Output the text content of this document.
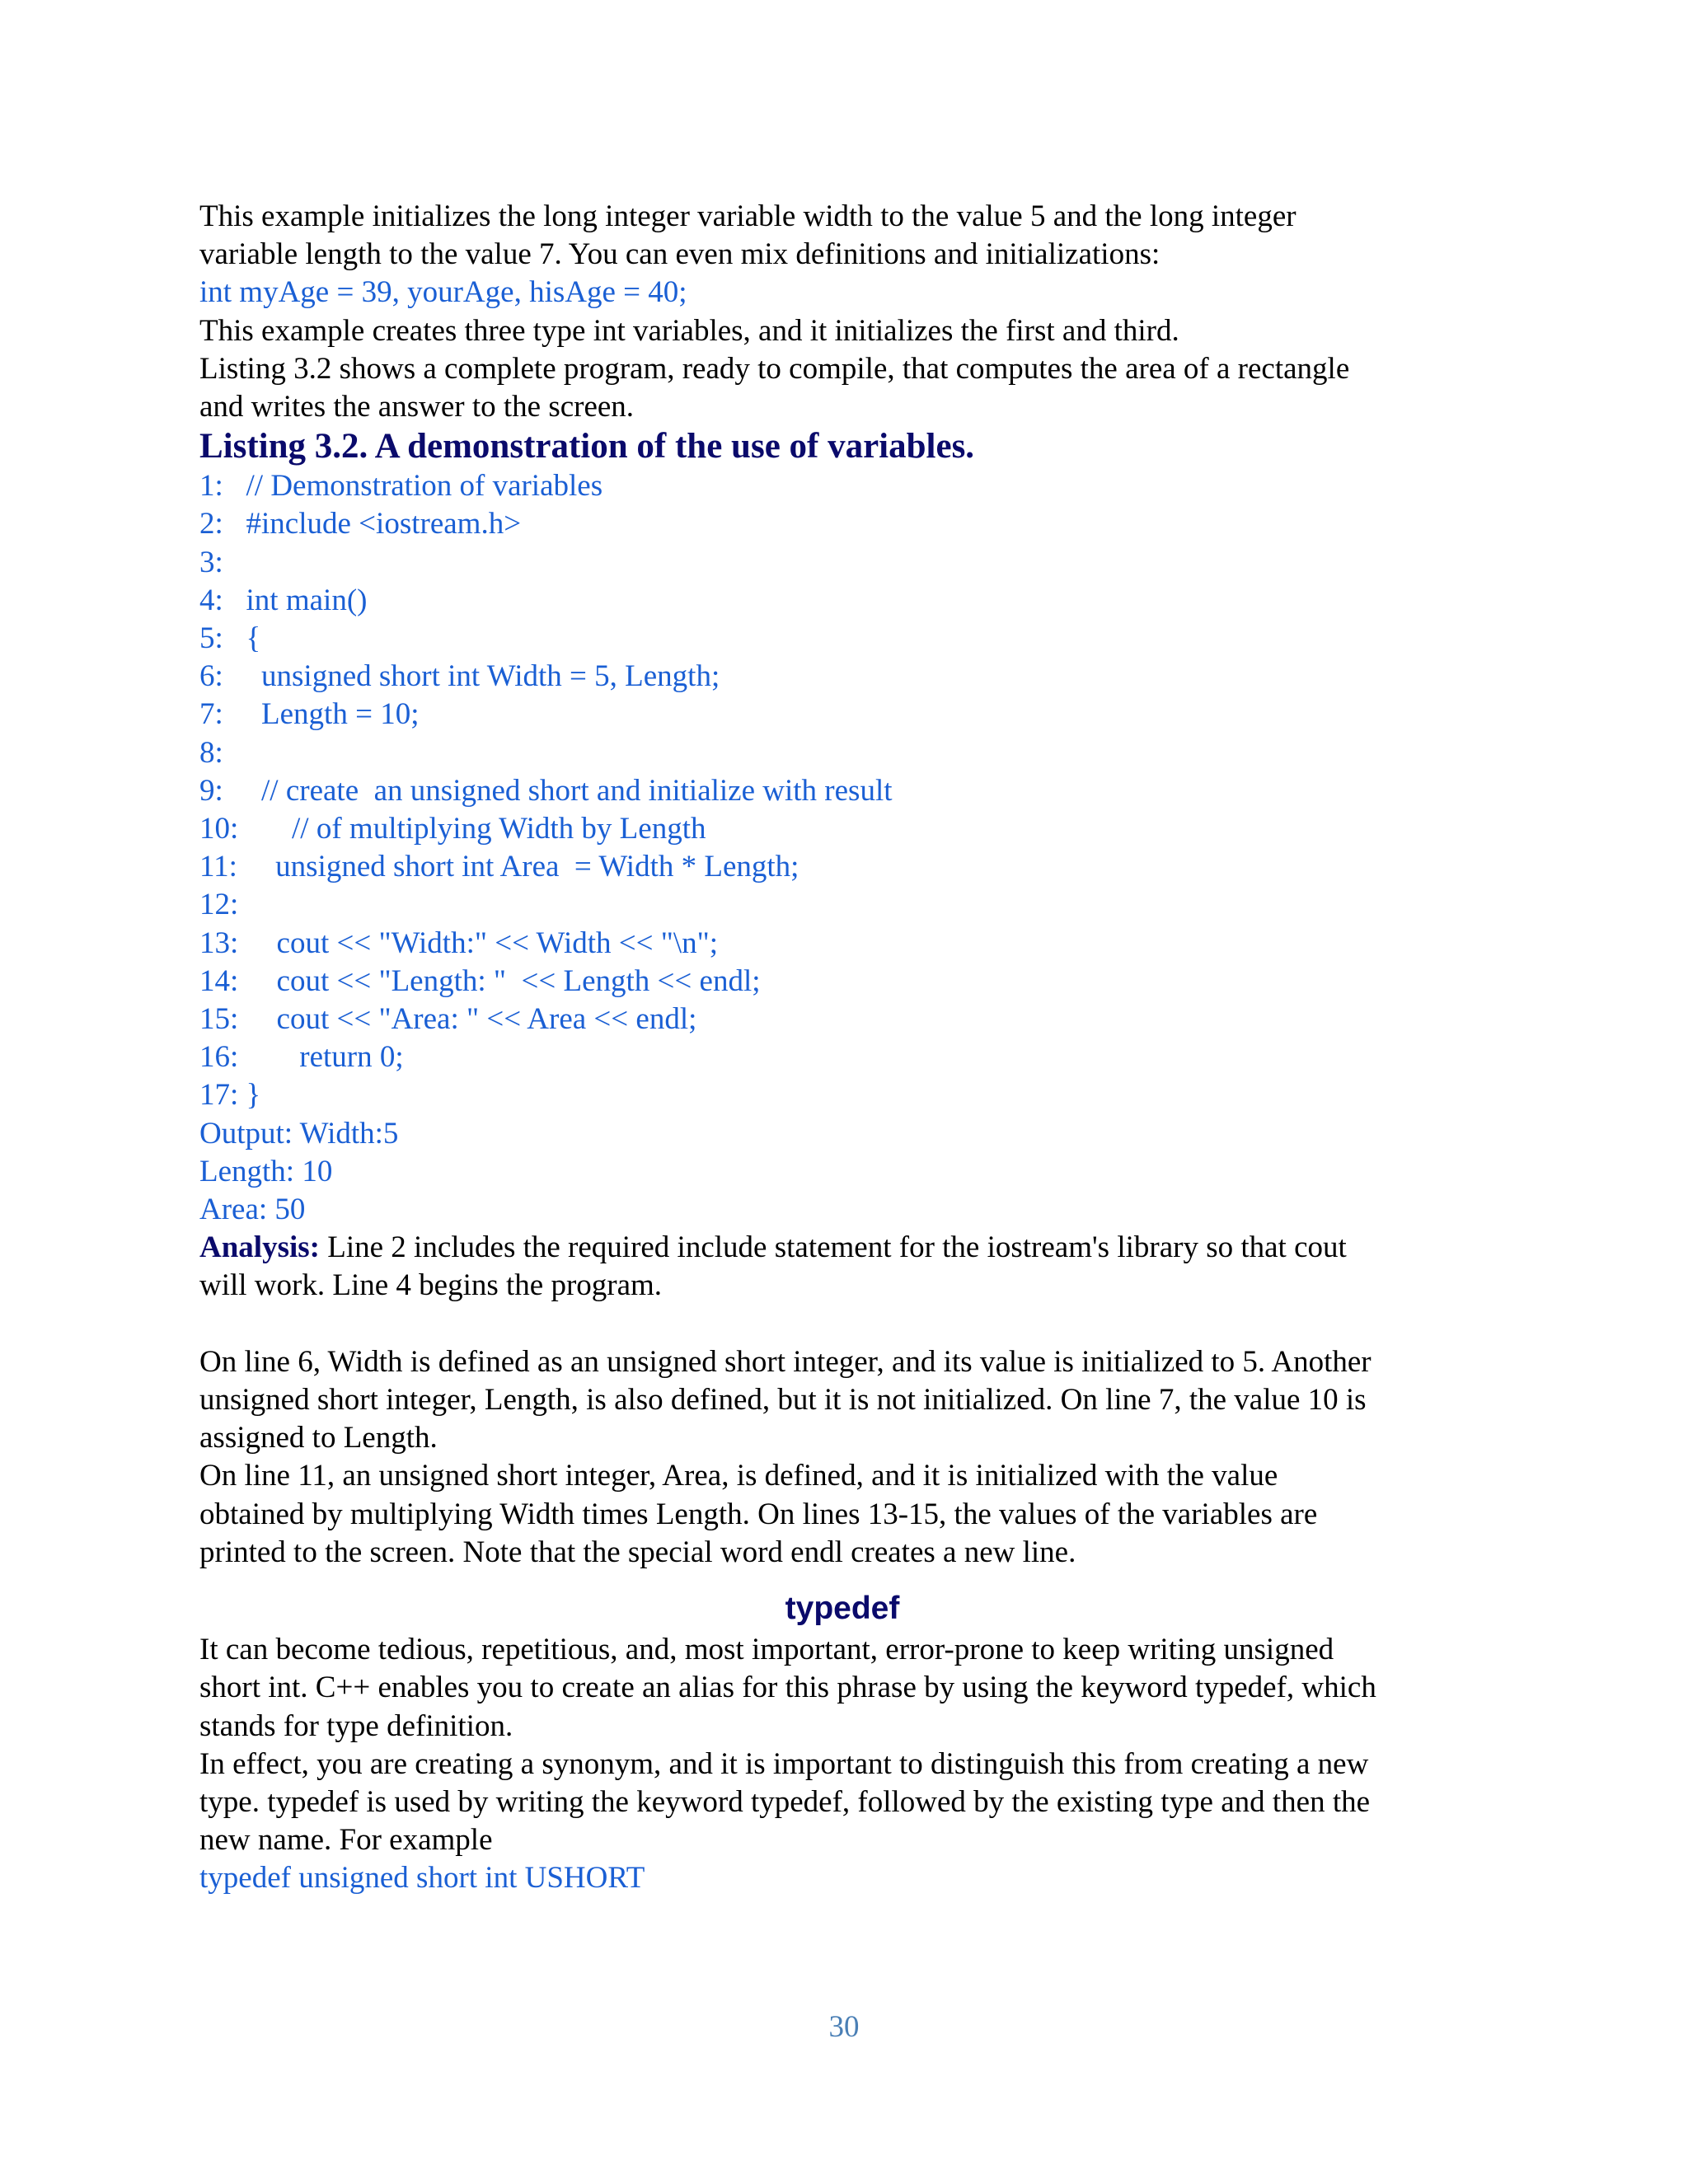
This example initializes the long integer variable width to the value 5 and the long integer
variable length to the value 7. You can even mix definitions and initializations:
int myAge = 39, yourAge, hisAge = 40;
This example creates three type int variables, and it initializes the first and third.
Listing 3.2 shows a complete program, ready to compile, that computes the area of a rectangle
and writes the answer to the screen.
Listing 3.2. A demonstration of the use of variables.
1:   // Demonstration of variables
2:   #include <iostream.h>
3:
4:   int main()
5:   {
6:     unsigned short int Width = 5, Length;
7:     Length = 10;
8:
9:     // create  an unsigned short and initialize with result
10:       // of multiplying Width by Length
11:     unsigned short int Area  = Width * Length;
12:
13:     cout << "Width:" << Width << "\n";
14:     cout << "Length: "  << Length << endl;
15:     cout << "Area: " << Area << endl;
16:        return 0;
17: }
Output: Width:5
Length: 10
Area: 50
Analysis: Line 2 includes the required include statement for the iostream's library so that cout
will work. Line 4 begins the program.
On line 6, Width is defined as an unsigned short integer, and its value is initialized to 5. Another
unsigned short integer, Length, is also defined, but it is not initialized. On line 7, the value 10 is
assigned to Length.
On line 11, an unsigned short integer, Area, is defined, and it is initialized with the value
obtained by multiplying Width times Length. On lines 13-15, the values of the variables are
printed to the screen. Note that the special word endl creates a new line.
typedef
It can become tedious, repetitious, and, most important, error-prone to keep writing unsigned
short int. C++ enables you to create an alias for this phrase by using the keyword typedef, which
stands for type definition.
In effect, you are creating a synonym, and it is important to distinguish this from creating a new
type. typedef is used by writing the keyword typedef, followed by the existing type and then the
new name. For example
typedef unsigned short int USHORT
30
